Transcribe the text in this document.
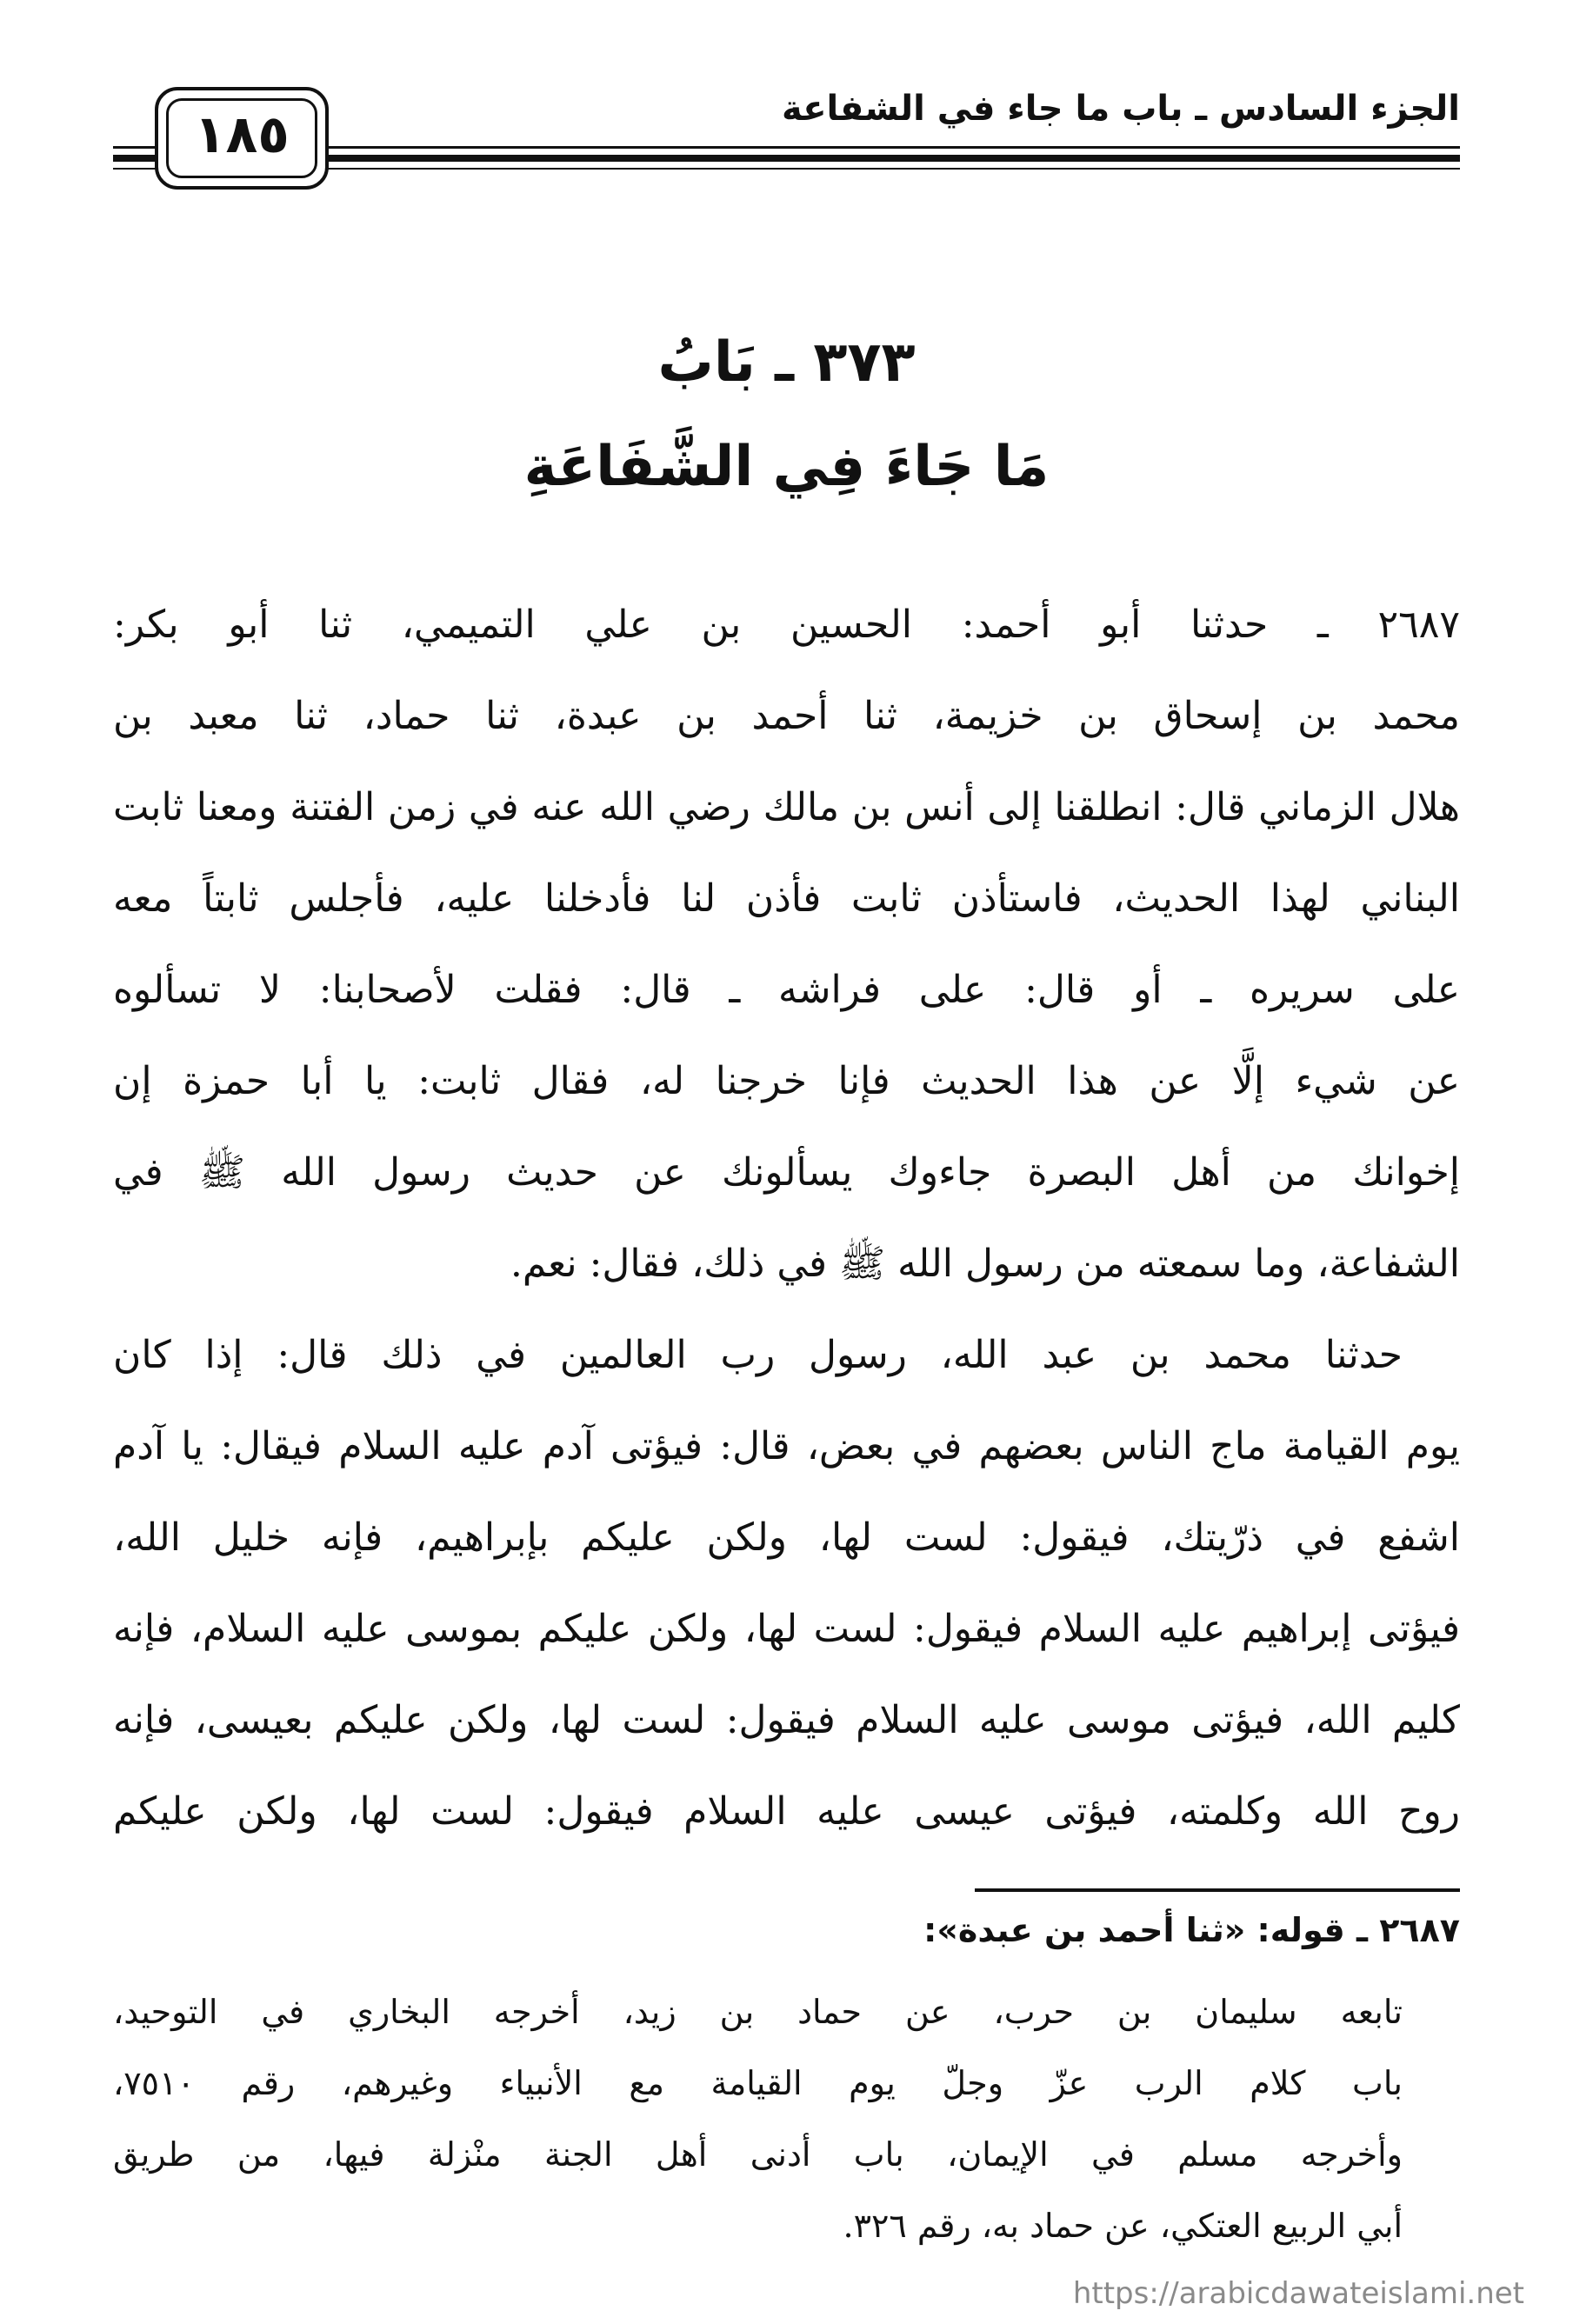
الجزء السادس ـ باب ما جاء في الشفاعة
١٨٥
٣٧٣ ـ بَابُ
مَا جَاءَ فِي الشَّفَاعَةِ
٢٦٨٧ ـ حدثنا أبو أحمد: الحسين بن علي التميمي، ثنا أبو بكر:
محمد بن إسحاق بن خزيمة، ثنا أحمد بن عبدة، ثنا حماد، ثنا معبد بن
هلال الزماني قال: انطلقنا إلى أنس بن مالك رضي الله عنه في زمن الفتنة ومعنا ثابت
البناني لهذا الحديث، فاستأذن ثابت فأذن لنا فأدخلنا عليه، فأجلس ثابتاً معه
على سريره ـ أو قال: على فراشه ـ قال: فقلت لأصحابنا: لا تسألوه
عن شيء إلَّا عن هذا الحديث فإنا خرجنا له، فقال ثابت: يا أبا حمزة إن
إخوانك من أهل البصرة جاءوك يسألونك عن حديث رسول الله ﷺ في
الشفاعة، وما سمعته من رسول الله ﷺ في ذلك، فقال: نعم.
حدثنا محمد بن عبد الله، رسول رب العالمين في ذلك قال: إذا كان
يوم القيامة ماج الناس بعضهم في بعض، قال: فيؤتى آدم عليه السلام فيقال: يا آدم
اشفع في ذرّيتك، فيقول: لست لها، ولكن عليكم بإبراهيم، فإنه خليل الله،
فيؤتى إبراهيم عليه السلام فيقول: لست لها، ولكن عليكم بموسى عليه السلام، فإنه
كليم الله، فيؤتى موسى عليه السلام فيقول: لست لها، ولكن عليكم بعيسى، فإنه
روح الله وكلمته، فيؤتى عيسى عليه السلام فيقول: لست لها، ولكن عليكم
٢٦٨٧ ـ قوله: «ثنا أحمد بن عبدة»:
تابعه سليمان بن حرب، عن حماد بن زيد، أخرجه البخاري في التوحيد،
باب كلام الرب عزّ وجلّ يوم القيامة مع الأنبياء وغيرهم، رقم ٧٥١٠،
وأخرجه مسلم في الإيمان، باب أدنى أهل الجنة منْزلة فيها، من طريق
أبي الربيع العتكي، عن حماد به، رقم ٣٢٦.
https://arabicdawateislami.net
